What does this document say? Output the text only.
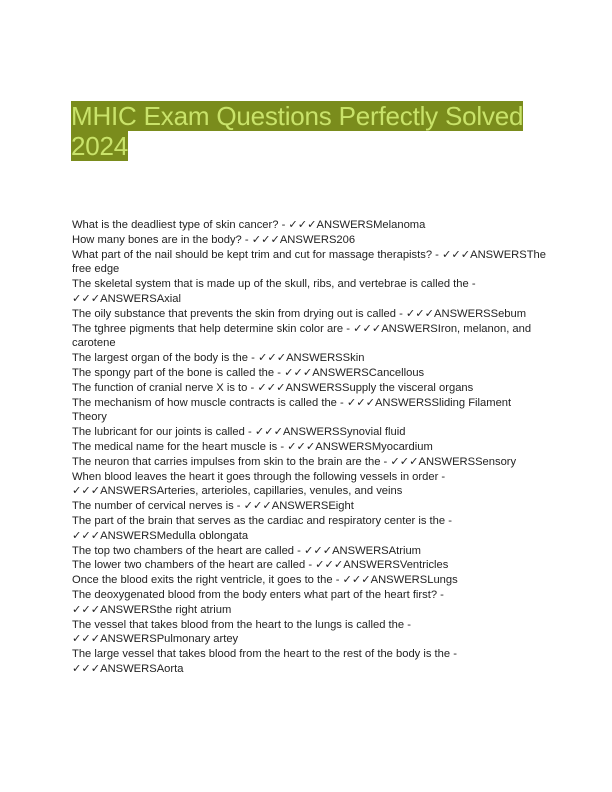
MHIC Exam Questions Perfectly Solved 2024

What is the deadliest type of skin cancer? - ✓✓✓ANSWERSMelanoma

How many bones are in the body? - ✓✓✓ANSWERS206

What part of the nail should be kept trim and cut for massage therapists? - ✓✓✓ANSWERSThe free edge

The skeletal system that is made up of the skull, ribs, and vertebrae is called the - ✓✓✓ANSWERSAxial

The oily substance that prevents the skin from drying out is called - ✓✓✓ANSWERSSebum

The tghree pigments that help determine skin color are - ✓✓✓ANSWERSIron, melanon, and carotene

The largest organ of the body is the - ✓✓✓ANSWERSSkin

The spongy part of the bone is called the - ✓✓✓ANSWERSCancellous

The function of cranial nerve X is to - ✓✓✓ANSWERSSupply the visceral organs

The mechanism of how muscle contracts is called the - ✓✓✓ANSWERSSliding Filament Theory

The lubricant for our joints is called - ✓✓✓ANSWERSSynovial fluid

The medical name for the heart muscle is - ✓✓✓ANSWERSMyocardium

The neuron that carries impulses from skin to the brain are the - ✓✓✓ANSWERSSensory

When blood leaves the heart it goes through the following vessels in order - ✓✓✓ANSWERSArteries, arterioles, capillaries, venules, and veins

The number of cervical nerves is - ✓✓✓ANSWERSEight

The part of the brain that serves as the cardiac and respiratory center is the - ✓✓✓ANSWERSMedulla oblongata

The top two chambers of the heart are called - ✓✓✓ANSWERSAtrium

The lower two chambers of the heart are called - ✓✓✓ANSWERSVentricles

Once the blood exits the right ventricle, it goes to the - ✓✓✓ANSWERSLungs

The deoxygenated blood from the body enters what part of the heart first? - ✓✓✓ANSWERSthe right atrium

The vessel that takes blood from the heart to the lungs is called the - ✓✓✓ANSWERSPulmonary artey

The large vessel that takes blood from the heart to the rest of the body is the - ✓✓✓ANSWERSAorta
